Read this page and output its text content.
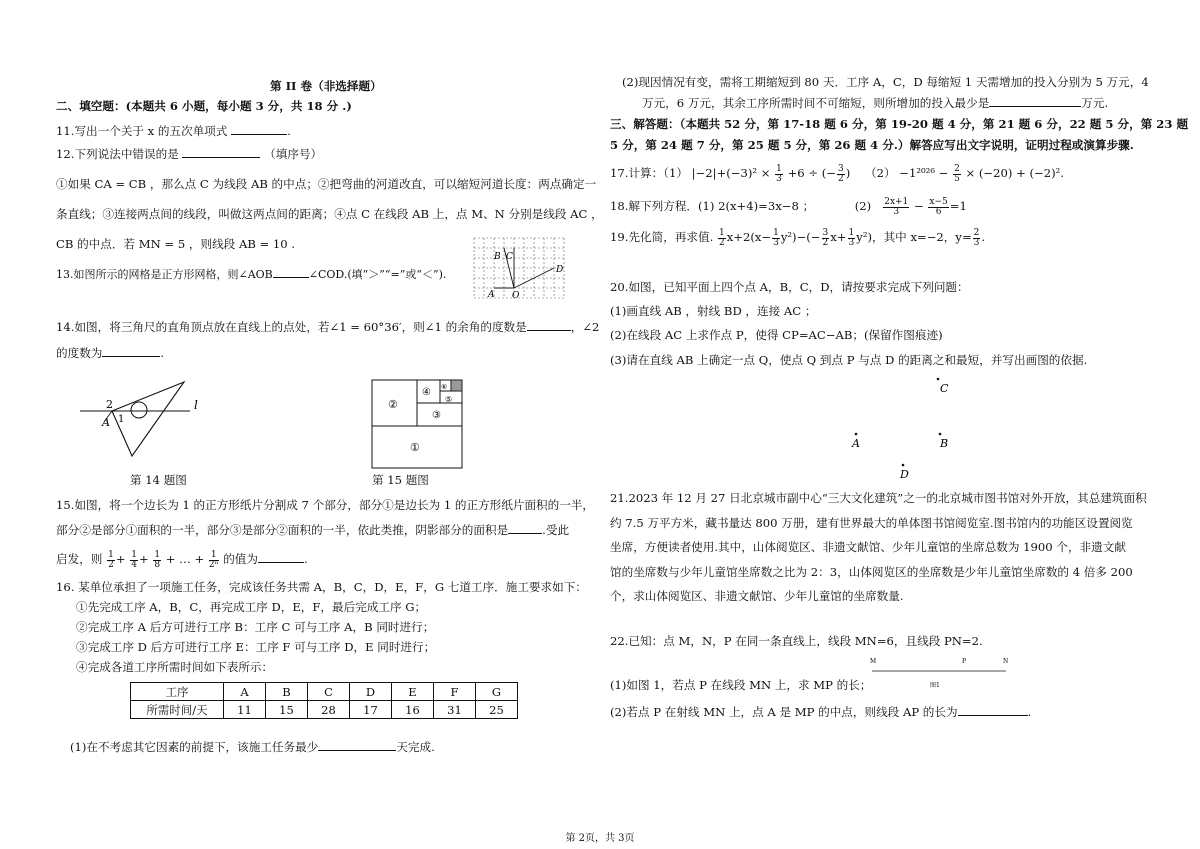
第 II 卷（非选择题）
二、填空题：(本题共 6 小题，每小题 3 分，共 18 分 .)
11.写出一个关于 x 的五次单项式	.
12.下列说法中错误的是	（填序号）
①如果 CA = CB ，那么点 C 为线段 AB 的中点；②把弯曲的河道改直，可以缩短河道长度：两点确定一
条直线；③连接两点间的线段，叫做这两点间的距离；④点 C 在线段 AB 上，点 M、N 分别是线段 AC ，
CB 的中点．若 MN = 5 ，则线段 AB = 10 .
13.如图所示的网格是正方形网格，则∠AOB	∠COD.(填“＞”“=”或“＜”).
B C
D
A O
14.如图，将三角尺的直角顶点放在直线上的点处，若∠1 = 60°36′，则∠1 的余角的度数是	，∠2
的度数为	.
l
2
1
A
第 14 题图
①
②
③
④
⑤
⑥
第 15 题图
15.如图，将一个边长为 1 的正方形纸片分割成 7 个部分，部分①是边长为 1 的正方形纸片面积的一半，
部分②是部分①面积的一半，部分③是部分②面积的一半，依此类推，阴影部分的面积是	.受此
启发，则 $\frac{1}{2} + \frac{1}{4} + \frac{1}{8}$ + … + $\frac{1}{\text{2ⁿ}}$ 的值为	.
16. 某单位承担了一项施工任务，完成该任务共需 A，B，C，D，E，F，G 七道工序．施工要求如下：
①先完成工序 A，B，C，再完成工序 D，E，F，最后完成工序 G；
②完成工序 A 后方可进行工序 B：工序 C 可与工序 A，B 同时进行；
③完成工序 D 后方可进行工序 E：工序 F 可与工序 D，E 同时进行；
④完成各道工序所需时间如下表所示：
工序	A	B	C	D	E	F	G
所需时间/天	11	15	28	17	16	31	25
(1)在不考虑其它因素的前提下，该施工任务最少	天完成.
(2)现因情况有变，需将工期缩短到 80 天．工序 A，C，D 每缩短 1 天需增加的投入分别为 5 万元，4
万元，6 万元，其余工序所需时间不可缩短，则所增加的投入最少是	万元.
三、解答题：（本题共 52 分，第 17-18 题 6 分，第 19-20 题 4 分，第 21 题 6 分，22 题 5 分，第 23 题
5 分，第 24 题 7 分，第 25 题 5 分，第 26 题 4 分.）解答应写出文字说明，证明过程或演算步骤.
17.计算：（1） $|-2|+(-3)^2 \times \frac{1}{3} +6$ ÷ (− $\frac{3}{2}$ ) $(2) -1^{2026} - \frac{2}{5} \times (-20) + (-2)^2$.
18.解下列方程．(1) 2(x+4)=3x−8 ；	$(2) \frac{2x+1}{3} - \frac{x-5}{6} =1$
19.先化简，再求值. $\frac{1}{2} x+2(x- \frac{1}{3} y^2)-(- \frac{3}{2} x+ \frac{1}{3} y^2)$，其中 x=−2，$y= \frac{2}{3}$ .
20.如图，已知平面上四个点 A，B，C，D，请按要求完成下列问题：
(1)画直线 AB ，射线 BD ，连接 AC ；
(2)在线段 AC 上求作点 P，使得 CP=AC−AB；(保留作图痕迹)
(3)请在直线 AB 上确定一点 Q，使点 Q 到点 P 与点 D 的距离之和最短，并写出画图的依据.
C
A	B
D
21.2023 年 12 月 27 日北京城市副中心“三大文化建筑”之一的北京城市图书馆对外开放，其总建筑面积
约 7.5 万平方米，藏书量达 800 万册，建有世界最大的单体图书馆阅览室.图书馆内的功能区设置阅览
坐席，方便读者使用.其中，山体阅览区、非遗文献馆、少年儿童馆的坐席总数为 1900 个，非遗文献
馆的坐席数与少年儿童馆坐席数之比为 2：3，山体阅览区的坐席数是少年儿童馆坐席数的 4 倍多 200
个，求山体阅览区、非遗文献馆、少年儿童馆的坐席数量.
22.已知：点 M，N，P 在同一条直线上，线段 MN=6，且线段 PN=2.
M	P	N
图1
(1)如图 1，若点 P 在线段 MN 上，求 MP 的长；
(2)若点 P 在射线 MN 上，点 A 是 MP 的中点，则线段 AP 的长为	.
第 2页，共 3页
